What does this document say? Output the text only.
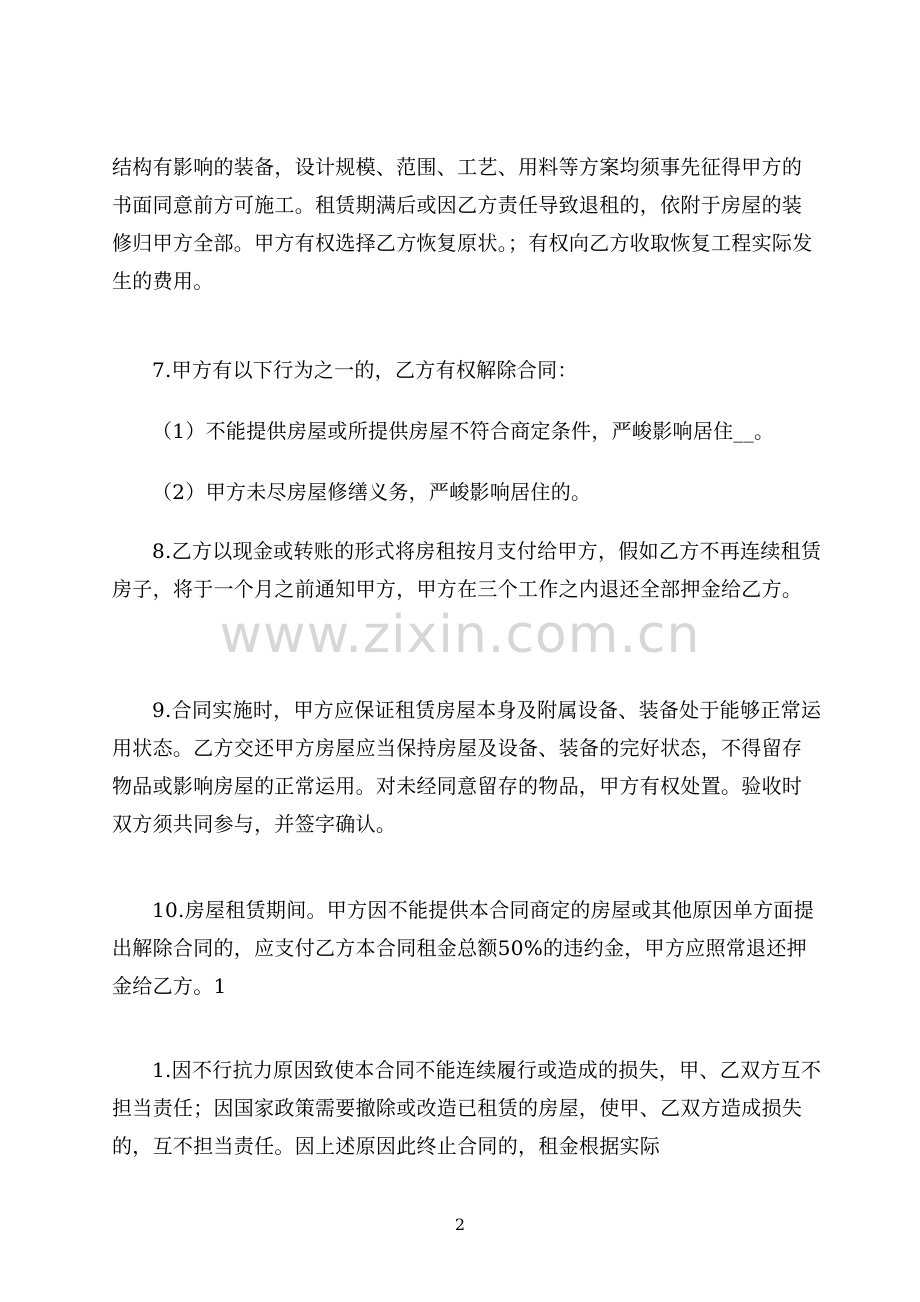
结构有影响的装备，设计规模、范围、工艺、用料等方案均须事先征得甲方的书面同意前方可施工。租赁期满后或因乙方责任导致退租的，依附于房屋的装修归甲方全部。甲方有权选择乙方恢复原状。；有权向乙方收取恢复工程实际发生的费用。

7.甲方有以下行为之一的，乙方有权解除合同：

（1）不能提供房屋或所提供房屋不符合商定条件，严峻影响居住__。

（2）甲方未尽房屋修缮义务，严峻影响居住的。

8.乙方以现金或转账的形式将房租按月支付给甲方，假如乙方不再连续租赁房子，将于一个月之前通知甲方，甲方在三个工作之内退还全部押金给乙方。

9.合同实施时，甲方应保证租赁房屋本身及附属设备、装备处于能够正常运用状态。乙方交还甲方房屋应当保持房屋及设备、装备的完好状态，不得留存物品或影响房屋的正常运用。对未经同意留存的物品，甲方有权处置。验收时双方须共同参与，并签字确认。

10.房屋租赁期间。甲方因不能提供本合同商定的房屋或其他原因单方面提出解除合同的，应支付乙方本合同租金总额50%的违约金，甲方应照常退还押金给乙方。1

1.因不行抗力原因致使本合同不能连续履行或造成的损失，甲、乙双方互不担当责任；因国家政策需要撤除或改造已租赁的房屋，使甲、乙双方造成损失的，互不担当责任。因上述原因此终止合同的，租金根据实际

www.zixin.com.cn
2
